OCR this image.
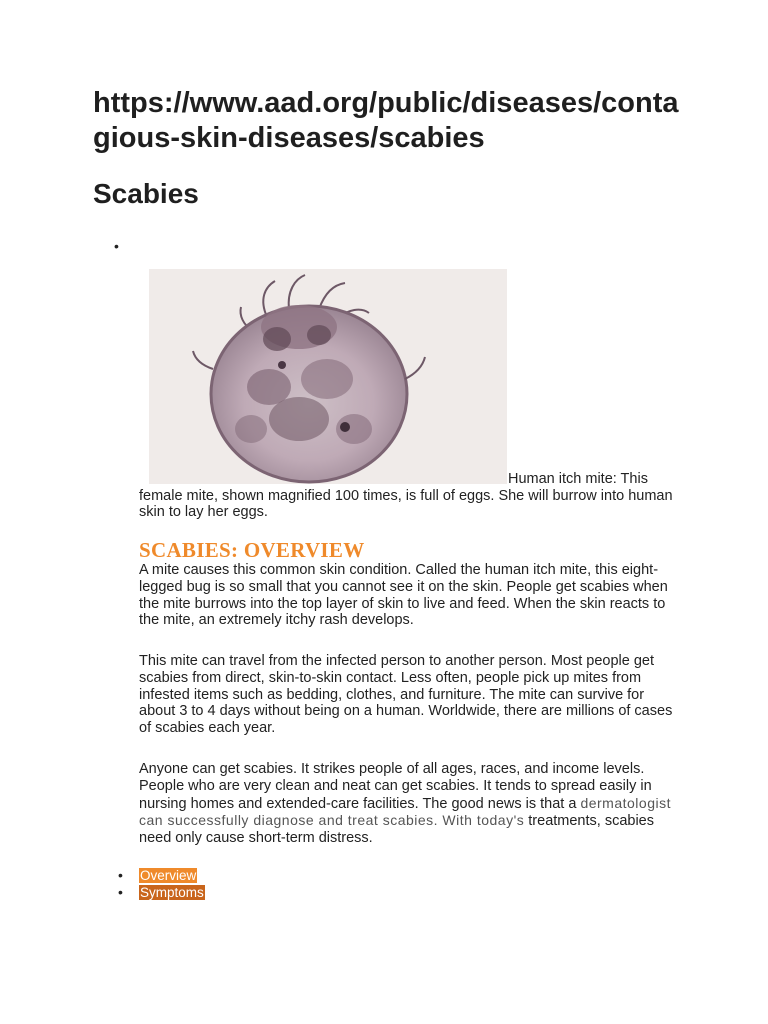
https://www.aad.org/public/diseases/contagious-skin-diseases/scabies
Scabies
•

Human itch mite: This female mite, shown magnified 100 times, is full of eggs. She will burrow into human skin to lay her eggs.

SCABIES: OVERVIEW

A mite causes this common skin condition. Called the human itch mite, this eight-legged bug is so small that you cannot see it on the skin. People get scabies when the mite burrows into the top layer of skin to live and feed. When the skin reacts to the mite, an extremely itchy rash develops.

This mite can travel from the infected person to another person. Most people get scabies from direct, skin-to-skin contact. Less often, people pick up mites from infested items such as bedding, clothes, and furniture. The mite can survive for about 3 to 4 days without being on a human. Worldwide, there are millions of cases of scabies each year.

Anyone can get scabies. It strikes people of all ages, races, and income levels. People who are very clean and neat can get scabies. It tends to spread easily in nursing homes and extended-care facilities. The good news is that a dermatologist can successfully diagnose and treat scabies. With today's treatments, scabies need only cause short-term distress.

• Overview
• Symptoms
